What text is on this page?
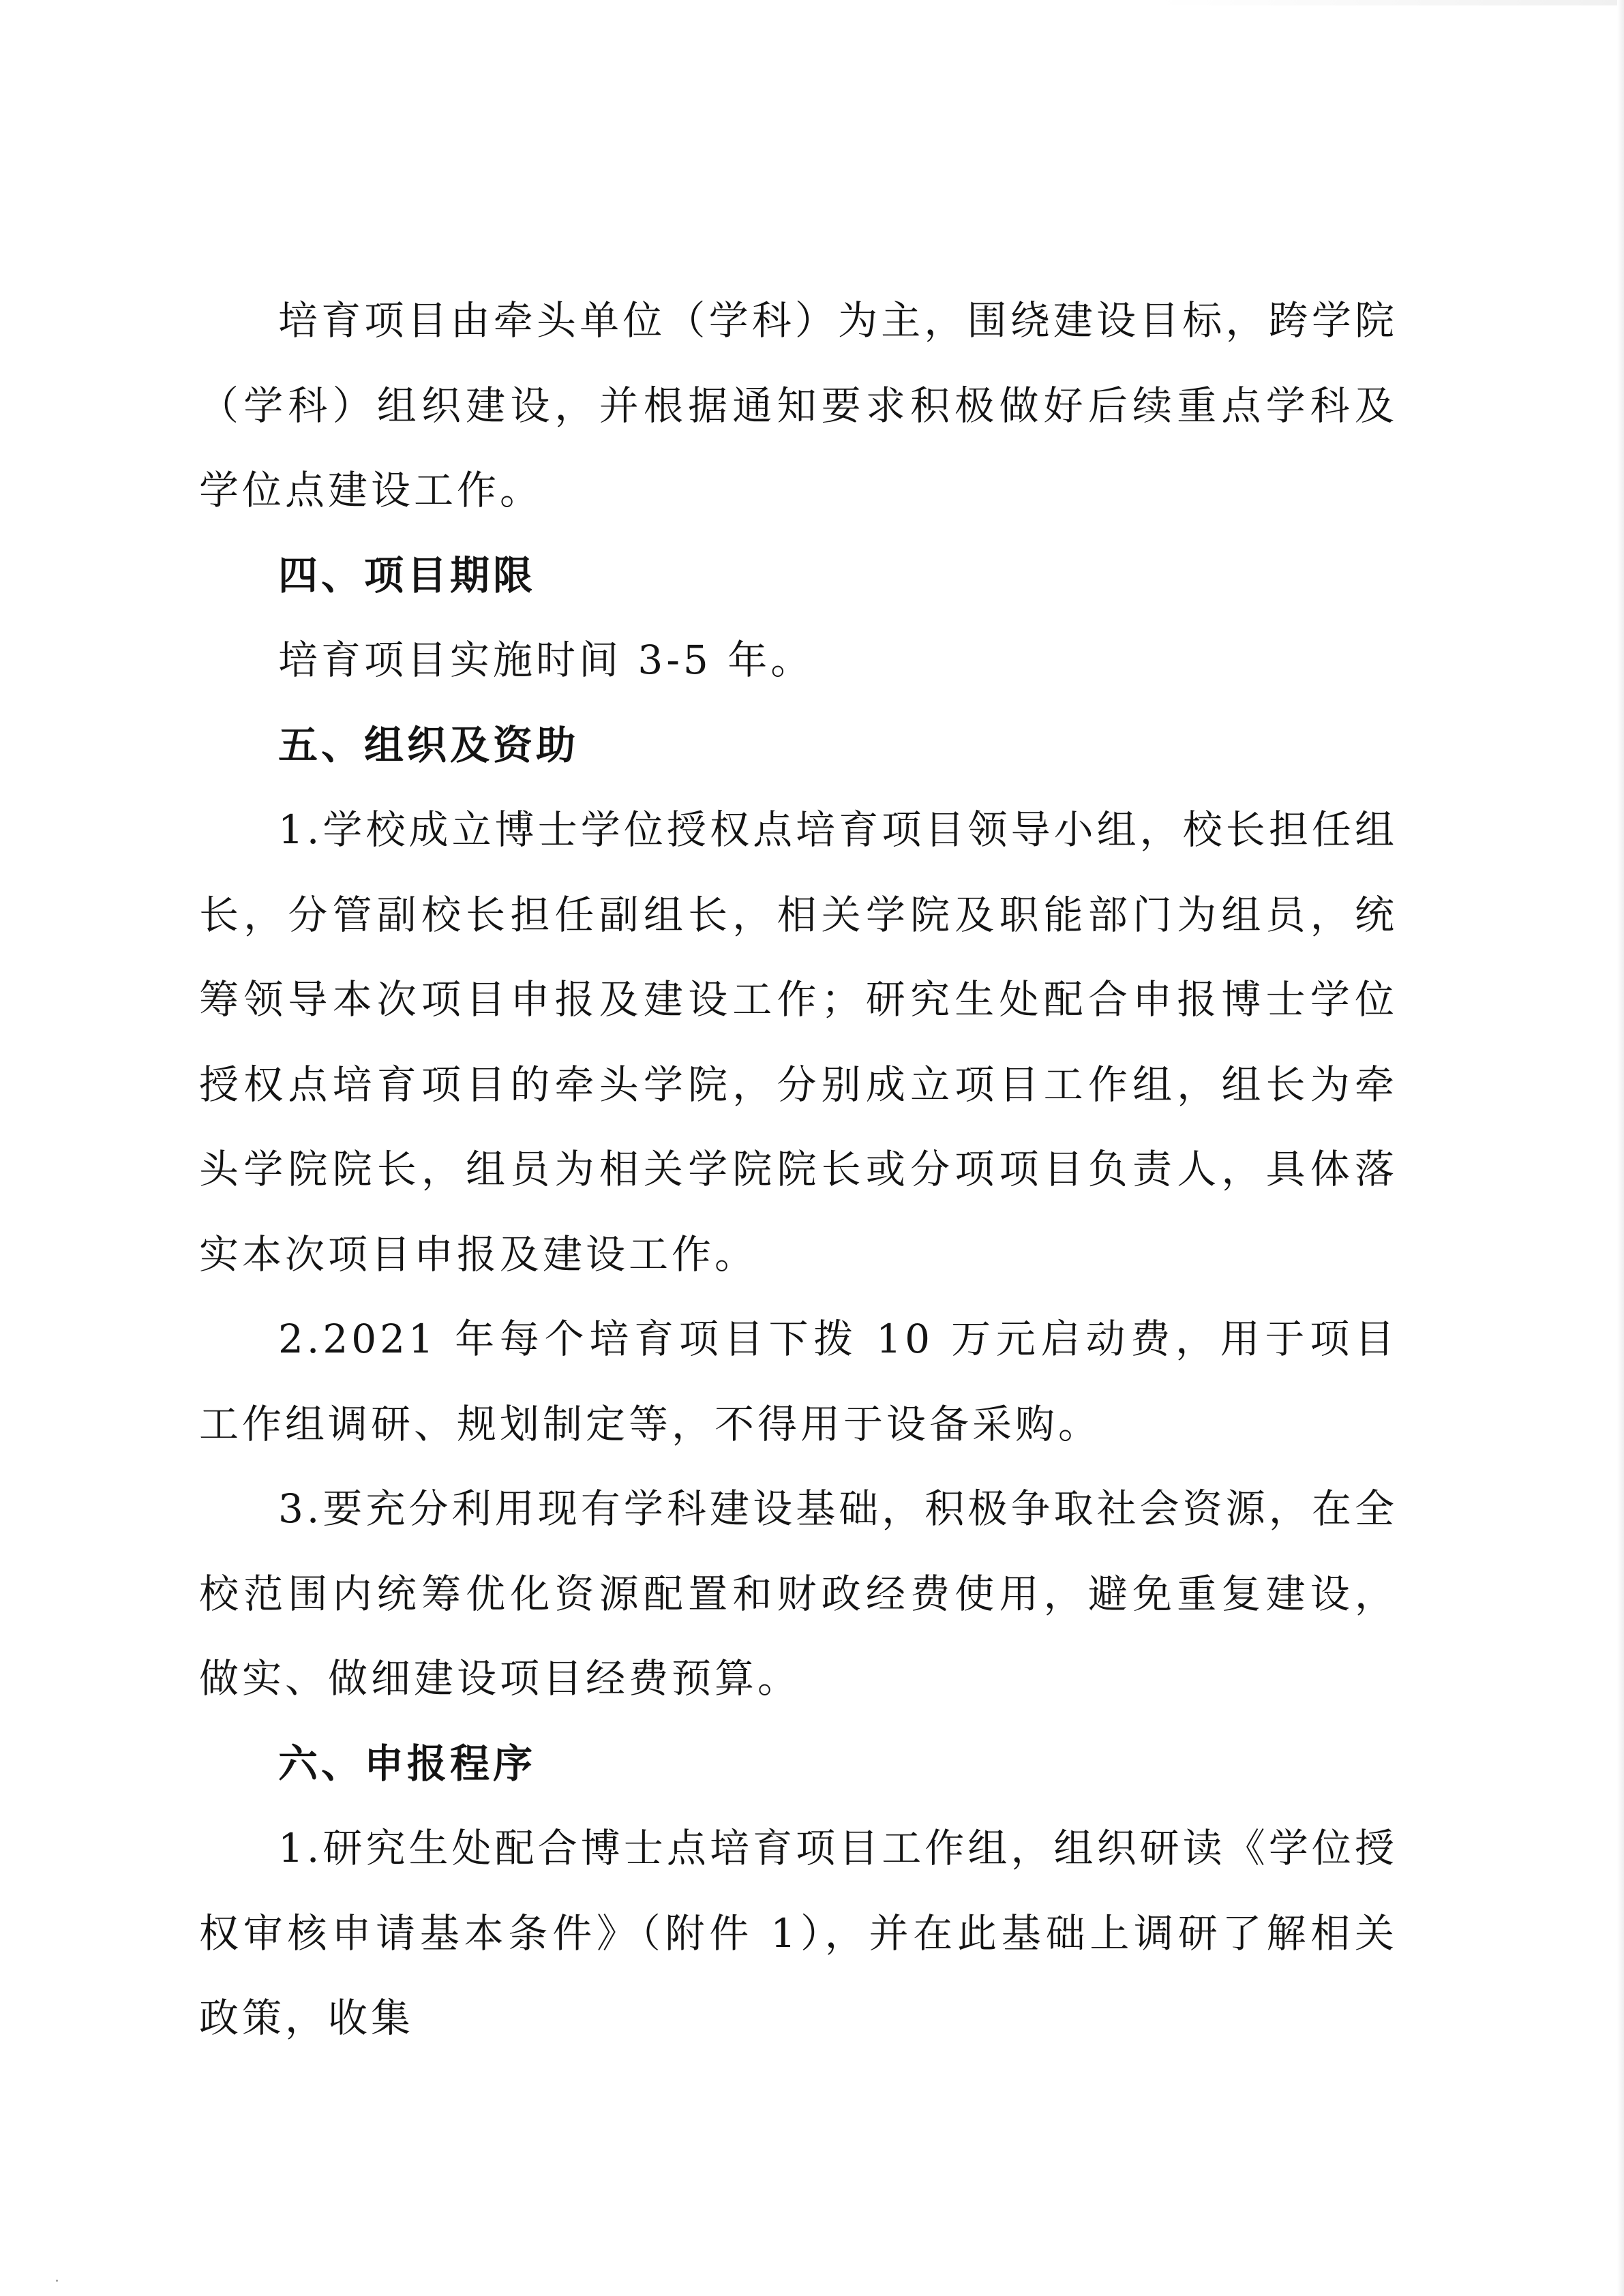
培育项目由牵头单位（学科）为主，围绕建设目标，跨学院（学科）组织建设，并根据通知要求积极做好后续重点学科及学位点建设工作。

四、项目期限

培育项目实施时间 3-5 年。

五、组织及资助

1.学校成立博士学位授权点培育项目领导小组，校长担任组长，分管副校长担任副组长，相关学院及职能部门为组员，统筹领导本次项目申报及建设工作；研究生处配合申报博士学位授权点培育项目的牵头学院，分别成立项目工作组，组长为牵头学院院长，组员为相关学院院长或分项项目负责人，具体落实本次项目申报及建设工作。

2.2021 年每个培育项目下拨 10 万元启动费，用于项目工作组调研、规划制定等，不得用于设备采购。

3.要充分利用现有学科建设基础，积极争取社会资源，在全校范围内统筹优化资源配置和财政经费使用，避免重复建设，做实、做细建设项目经费预算。

六、申报程序

1.研究生处配合博士点培育项目工作组，组织研读《学位授权审核申请基本条件》（附件 1），并在此基础上调研了解相关政策，收集
